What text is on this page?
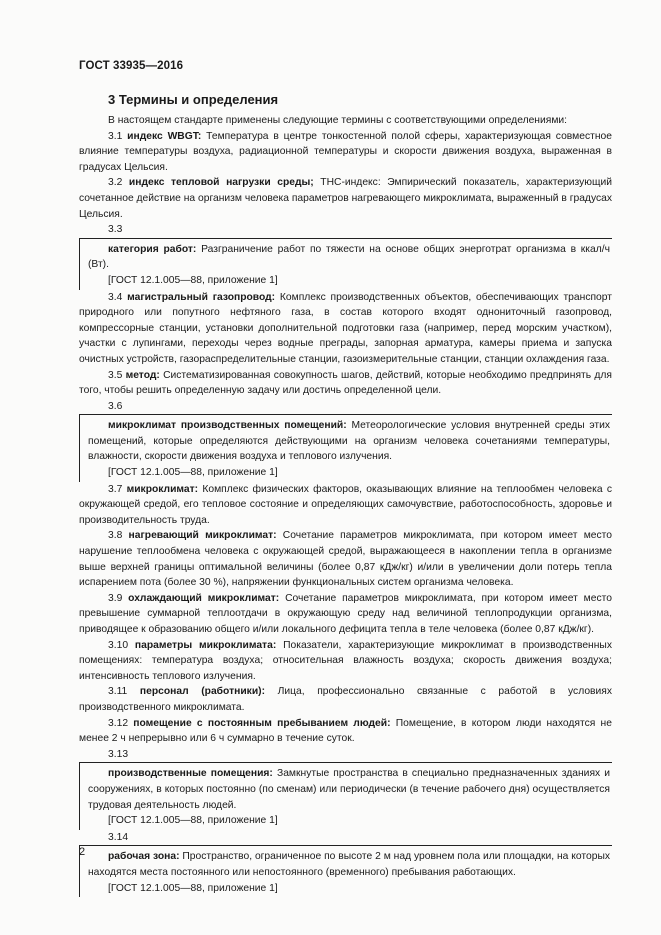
ГОСТ 33935—2016
3 Термины и определения

В настоящем стандарте применены следующие термины с соответствующими определениями:

3.1 индекс WBGT: Температура в центре тонкостенной полой сферы, характеризующая совместное влияние температуры воздуха, радиационной температуры и скорости движения воздуха, выраженная в градусах Цельсия.

3.2 индекс тепловой нагрузки среды; ТНС-индекс: Эмпирический показатель, характеризующий сочетанное действие на организм человека параметров нагревающего микроклимата, выраженный в градусах Цельсия.

3.3

категория работ: Разграничение работ по тяжести на основе общих энерготрат организма в ккал/ч (Вт).

[ГОСТ 12.1.005—88, приложение 1]

3.4 магистральный газопровод: Комплекс производственных объектов, обеспечивающих транспорт природного или попутного нефтяного газа, в состав которого входят однониточный газопровод, компрессорные станции, установки дополнительной подготовки газа (например, перед морским участком), участки с лупингами, переходы через водные преграды, запорная арматура, камеры приема и запуска очистных устройств, газораспределительные станции, газоизмерительные станции, станции охлаждения газа.

3.5 метод: Систематизированная совокупность шагов, действий, которые необходимо предпринять для того, чтобы решить определенную задачу или достичь определенной цели.

3.6

микроклимат производственных помещений: Метеорологические условия внутренней среды этих помещений, которые определяются действующими на организм человека сочетаниями температуры, влажности, скорости движения воздуха и теплового излучения.

[ГОСТ 12.1.005—88, приложение 1]

3.7 микроклимат: Комплекс физических факторов, оказывающих влияние на теплообмен человека с окружающей средой, его тепловое состояние и определяющих самочувствие, работоспособность, здоровье и производительность труда.

3.8 нагревающий микроклимат: Сочетание параметров микроклимата, при котором имеет место нарушение теплообмена человека с окружающей средой, выражающееся в накоплении тепла в организме выше верхней границы оптимальной величины (более 0,87 кДж/кг) и/или в увеличении доли потерь тепла испарением пота (более 30 %), напряжении функциональных систем организма человека.

3.9 охлаждающий микроклимат: Сочетание параметров микроклимата, при котором имеет место превышение суммарной теплоотдачи в окружающую среду над величиной теплопродукции организма, приводящее к образованию общего и/или локального дефицита тепла в теле человека (более 0,87 кДж/кг).

3.10 параметры микроклимата: Показатели, характеризующие микроклимат в производственных помещениях: температура воздуха; относительная влажность воздуха; скорость движения воздуха; интенсивность теплового излучения.

3.11 персонал (работники): Лица, профессионально связанные с работой в условиях производственного микроклимата.

3.12 помещение с постоянным пребыванием людей: Помещение, в котором люди находятся не менее 2 ч непрерывно или 6 ч суммарно в течение суток.

3.13

производственные помещения: Замкнутые пространства в специально предназначенных зданиях и сооружениях, в которых постоянно (по сменам) или периодически (в течение рабочего дня) осуществляется трудовая деятельность людей.

[ГОСТ 12.1.005—88, приложение 1]

3.14

рабочая зона: Пространство, ограниченное по высоте 2 м над уровнем пола или площадки, на которых находятся места постоянного или непостоянного (временного) пребывания работающих.

[ГОСТ 12.1.005—88, приложение 1]

2
